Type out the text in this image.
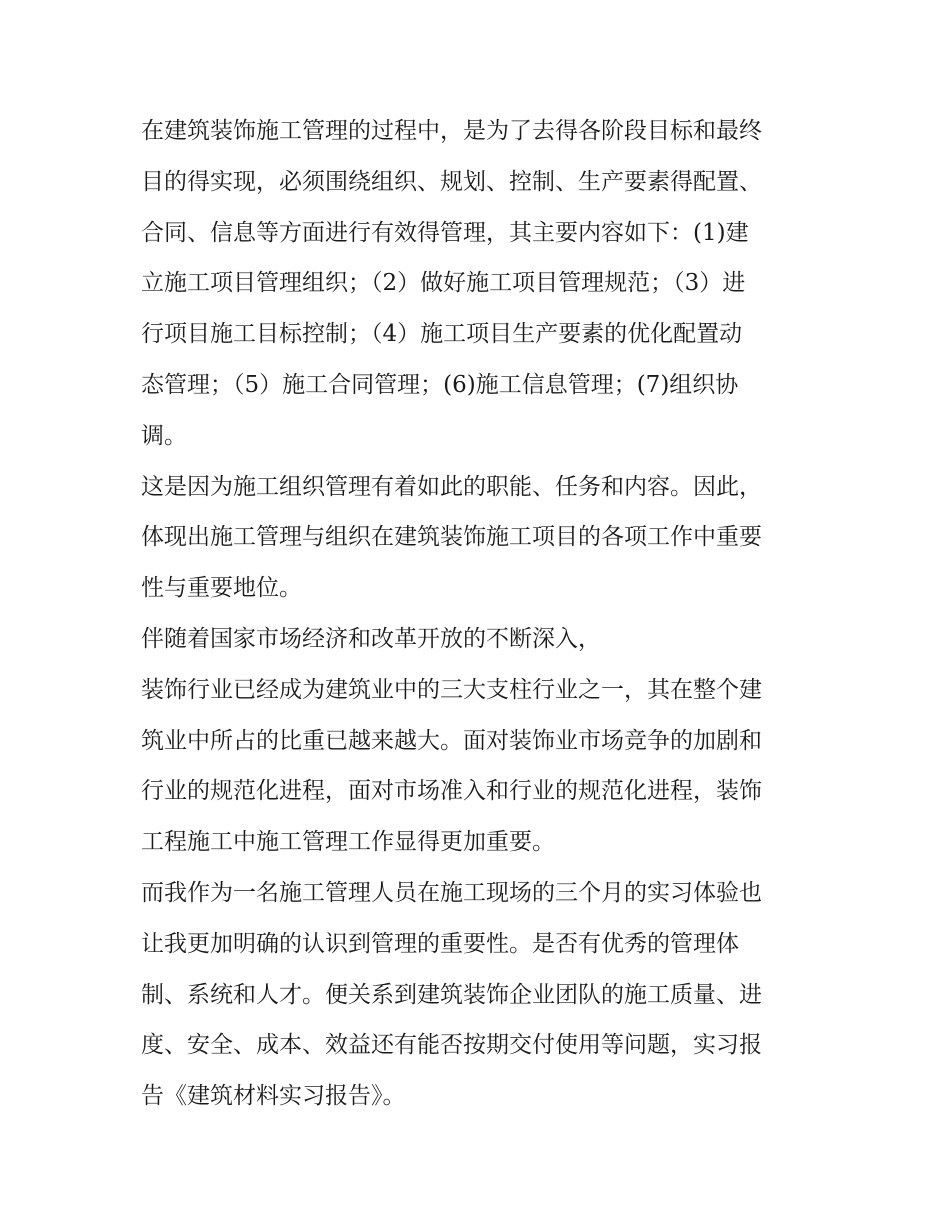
在建筑装饰施工管理的过程中，是为了去得各阶段目标和最终
目的得实现，必须围绕组织、规划、控制、生产要素得配置、
合同、信息等方面进行有效得管理，其主要内容如下：(1)建
立施工项目管理组织；（2）做好施工项目管理规范；（3）进
行项目施工目标控制；（4）施工项目生产要素的优化配置动
态管理；（5）施工合同管理；(6)施工信息管理；(7)组织协
调。
这是因为施工组织管理有着如此的职能、任务和内容。因此，
体现出施工管理与组织在建筑装饰施工项目的各项工作中重要
性与重要地位。
伴随着国家市场经济和改革开放的不断深入，
装饰行业已经成为建筑业中的三大支柱行业之一，其在整个建
筑业中所占的比重已越来越大。面对装饰业市场竞争的加剧和
行业的规范化进程，面对市场准入和行业的规范化进程，装饰
工程施工中施工管理工作显得更加重要。
而我作为一名施工管理人员在施工现场的三个月的实习体验也
让我更加明确的认识到管理的重要性。是否有优秀的管理体
制、系统和人才。便关系到建筑装饰企业团队的施工质量、进
度、安全、成本、效益还有能否按期交付使用等问题，实习报
告《建筑材料实习报告》。
